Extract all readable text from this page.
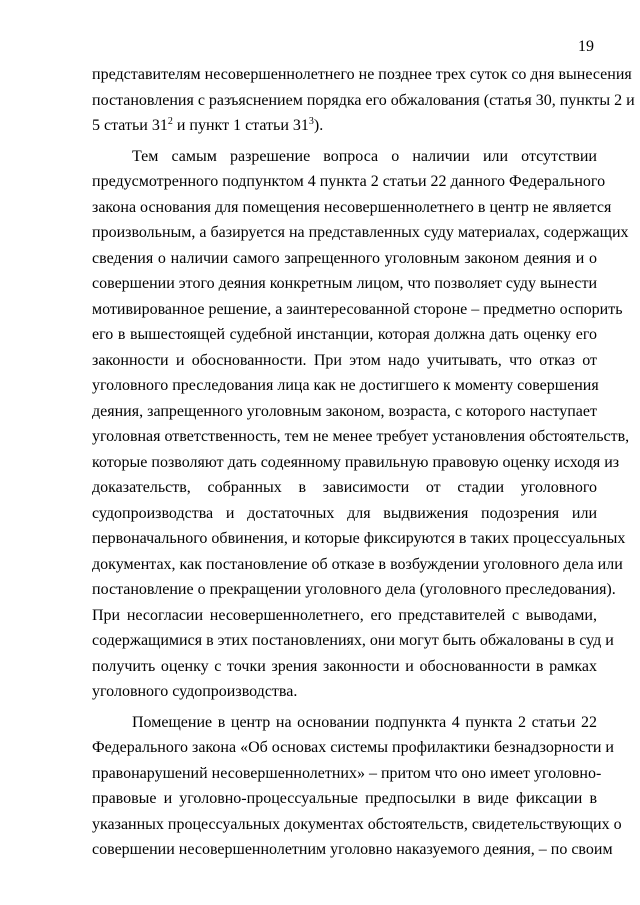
19
представителям несовершеннолетнего не позднее трех суток со дня вынесения
постановления с разъяснением порядка его обжалования (статья 30, пункты 2 и
5 статьи $31^2$ и пункт 1 статьи $31^3$).
Тем самым разрешение вопроса о наличии или отсутствии
предусмотренного подпунктом 4 пункта 2 статьи 22 данного Федерального
закона основания для помещения несовершеннолетнего в центр не является
произвольным, а базируется на представленных суду материалах, содержащих
сведения о наличии самого запрещенного уголовным законом деяния и о
совершении этого деяния конкретным лицом, что позволяет суду вынести
мотивированное решение, а заинтересованной стороне – предметно оспорить
его в вышестоящей судебной инстанции, которая должна дать оценку его
законности и обоснованности. При этом надо учитывать, что отказ от
уголовного преследования лица как не достигшего к моменту совершения
деяния, запрещенного уголовным законом, возраста, с которого наступает
уголовная ответственность, тем не менее требует установления обстоятельств,
которые позволяют дать содеянному правильную правовую оценку исходя из
доказательств, собранных в зависимости от стадии уголовного
судопроизводства и достаточных для выдвижения подозрения или
первоначального обвинения, и которые фиксируются в таких процессуальных
документах, как постановление об отказе в возбуждении уголовного дела или
постановление о прекращении уголовного дела (уголовного преследования).
При несогласии несовершеннолетнего, его представителей с выводами,
содержащимися в этих постановлениях, они могут быть обжалованы в суд и
получить оценку с точки зрения законности и обоснованности в рамках
уголовного судопроизводства.
Помещение в центр на основании подпункта 4 пункта 2 статьи 22
Федерального закона «Об основах системы профилактики безнадзорности и
правонарушений несовершеннолетних» – притом что оно имеет уголовно-
правовые и уголовно-процессуальные предпосылки в виде фиксации в
указанных процессуальных документах обстоятельств, свидетельствующих о
совершении несовершеннолетним уголовно наказуемого деяния, – по своим
